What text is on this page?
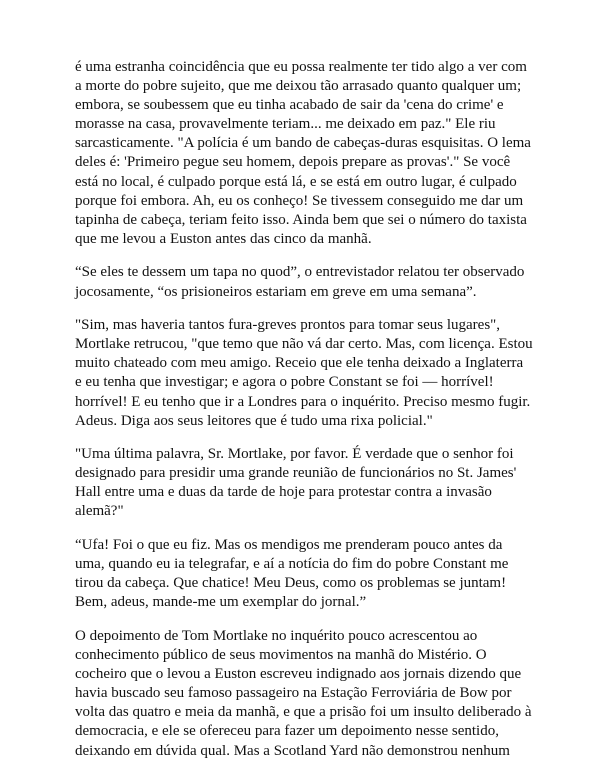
é uma estranha coincidência que eu possa realmente ter tido algo a ver com
a morte do pobre sujeito, que me deixou tão arrasado quanto qualquer um;
embora, se soubessem que eu tinha acabado de sair da 'cena do crime' e
morasse na casa, provavelmente teriam... me deixado em paz." Ele riu
sarcasticamente. "A polícia é um bando de cabeças-duras esquisitas. O lema
deles é: 'Primeiro pegue seu homem, depois prepare as provas'." Se você
está no local, é culpado porque está lá, e se está em outro lugar, é culpado
porque foi embora. Ah, eu os conheço! Se tivessem conseguido me dar um
tapinha de cabeça, teriam feito isso. Ainda bem que sei o número do taxista
que me levou a Euston antes das cinco da manhã.

“Se eles te dessem um tapa no quod”, o entrevistador relatou ter observado
jocosamente, “os prisioneiros estariam em greve em uma semana”.

"Sim, mas haveria tantos fura-greves prontos para tomar seus lugares",
Mortlake retrucou, "que temo que não vá dar certo. Mas, com licença. Estou
muito chateado com meu amigo. Receio que ele tenha deixado a Inglaterra
e eu tenha que investigar; e agora o pobre Constant se foi — horrível!
horrível! E eu tenho que ir a Londres para o inquérito. Preciso mesmo fugir.
Adeus. Diga aos seus leitores que é tudo uma rixa policial."

"Uma última palavra, Sr. Mortlake, por favor. É verdade que o senhor foi
designado para presidir uma grande reunião de funcionários no St. James'
Hall entre uma e duas da tarde de hoje para protestar contra a invasão
alemã?"

“Ufa! Foi o que eu fiz. Mas os mendigos me prenderam pouco antes da
uma, quando eu ia telegrafar, e aí a notícia do fim do pobre Constant me
tirou da cabeça. Que chatice! Meu Deus, como os problemas se juntam!
Bem, adeus, mande-me um exemplar do jornal.”

O depoimento de Tom Mortlake no inquérito pouco acrescentou ao
conhecimento público de seus movimentos na manhã do Mistério. O
cocheiro que o levou a Euston escreveu indignado aos jornais dizendo que
havia buscado seu famoso passageiro na Estação Ferroviária de Bow por
volta das quatro e meia da manhã, e que a prisão foi um insulto deliberado à
democracia, e ele se ofereceu para fazer um depoimento nesse sentido,
deixando em dúvida qual. Mas a Scotland Yard não demonstrou nenhum
